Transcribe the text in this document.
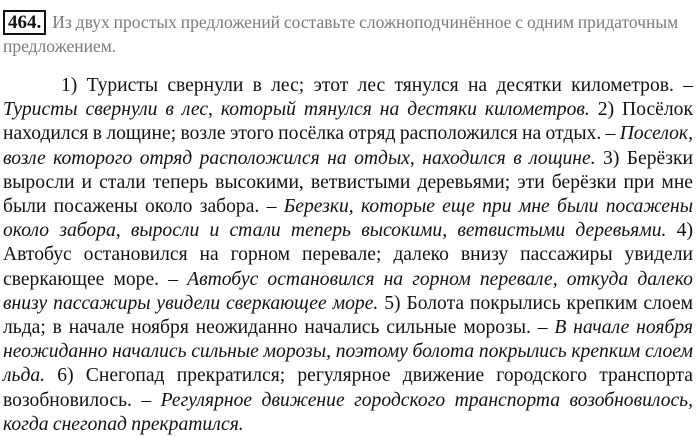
464. Из двух простых предложений составьте сложноподчинённое с одним придаточным предложением.

1) Туристы свернули в лес; этот лес тянулся на десятки километров. – Туристы свернули в лес, который тянулся на дестяки километров. 2) Посёлок находился в лощине; возле этого посёлка отряд расположился на отдых. – Поселок, возле которого отряд расположился на отдых, находился в лощине. 3) Берёзки выросли и стали теперь высокими, ветвистыми деревьями; эти берёзки при мне были посажены около забора. – Березки, которые еще при мне были посажены около забора, выросли и стали теперь высокими, ветвистыми деревьями. 4) Автобус остановился на горном перевале; далеко внизу пассажиры увидели сверкающее море. – Автобус остановился на горном перевале, откуда далеко внизу пассажиры увидели сверкающее море. 5) Болота покрылись крепким слоем льда; в начале ноября неожиданно начались сильные морозы. – В начале ноября неожиданно начались сильные морозы, поэтому болота покрылись крепким слоем льда. 6) Снегопад прекратился; регулярное движение городского транспорта возобновилось. – Регулярное движение городского транспорта возобновилось, когда снегопад прекратился.
